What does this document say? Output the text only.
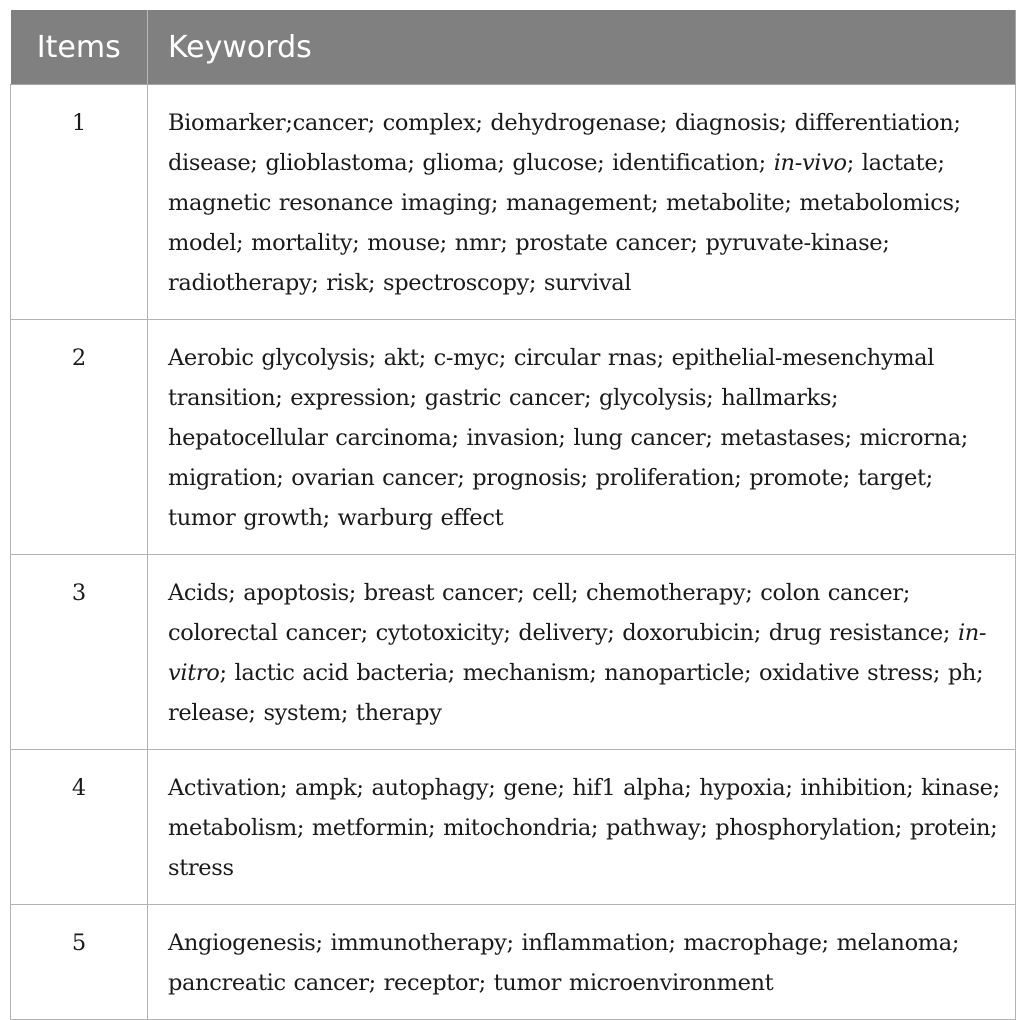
Items	Keywords
1	Biomarker;cancer; complex; dehydrogenase; diagnosis; differentiation; disease; glioblastoma; glioma; glucose; identification; in-vivo; lactate; magnetic resonance imaging; management; metabolite; metabolomics; model; mortality; mouse; nmr; prostate cancer; pyruvate-kinase; radiotherapy; risk; spectroscopy; survival
2	Aerobic glycolysis; akt; c-myc; circular rnas; epithelial-mesenchymal transition; expression; gastric cancer; glycolysis; hallmarks; hepatocellular carcinoma; invasion; lung cancer; metastases; microrna; migration; ovarian cancer; prognosis; proliferation; promote; target; tumor growth; warburg effect
3	Acids; apoptosis; breast cancer; cell; chemotherapy; colon cancer; colorectal cancer; cytotoxicity; delivery; doxorubicin; drug resistance; in-vitro; lactic acid bacteria; mechanism; nanoparticle; oxidative stress; ph; release; system; therapy
4	Activation; ampk; autophagy; gene; hif1 alpha; hypoxia; inhibition; kinase; metabolism; metformin; mitochondria; pathway; phosphorylation; protein; stress
5	Angiogenesis; immunotherapy; inflammation; macrophage; melanoma; pancreatic cancer; receptor; tumor microenvironment
